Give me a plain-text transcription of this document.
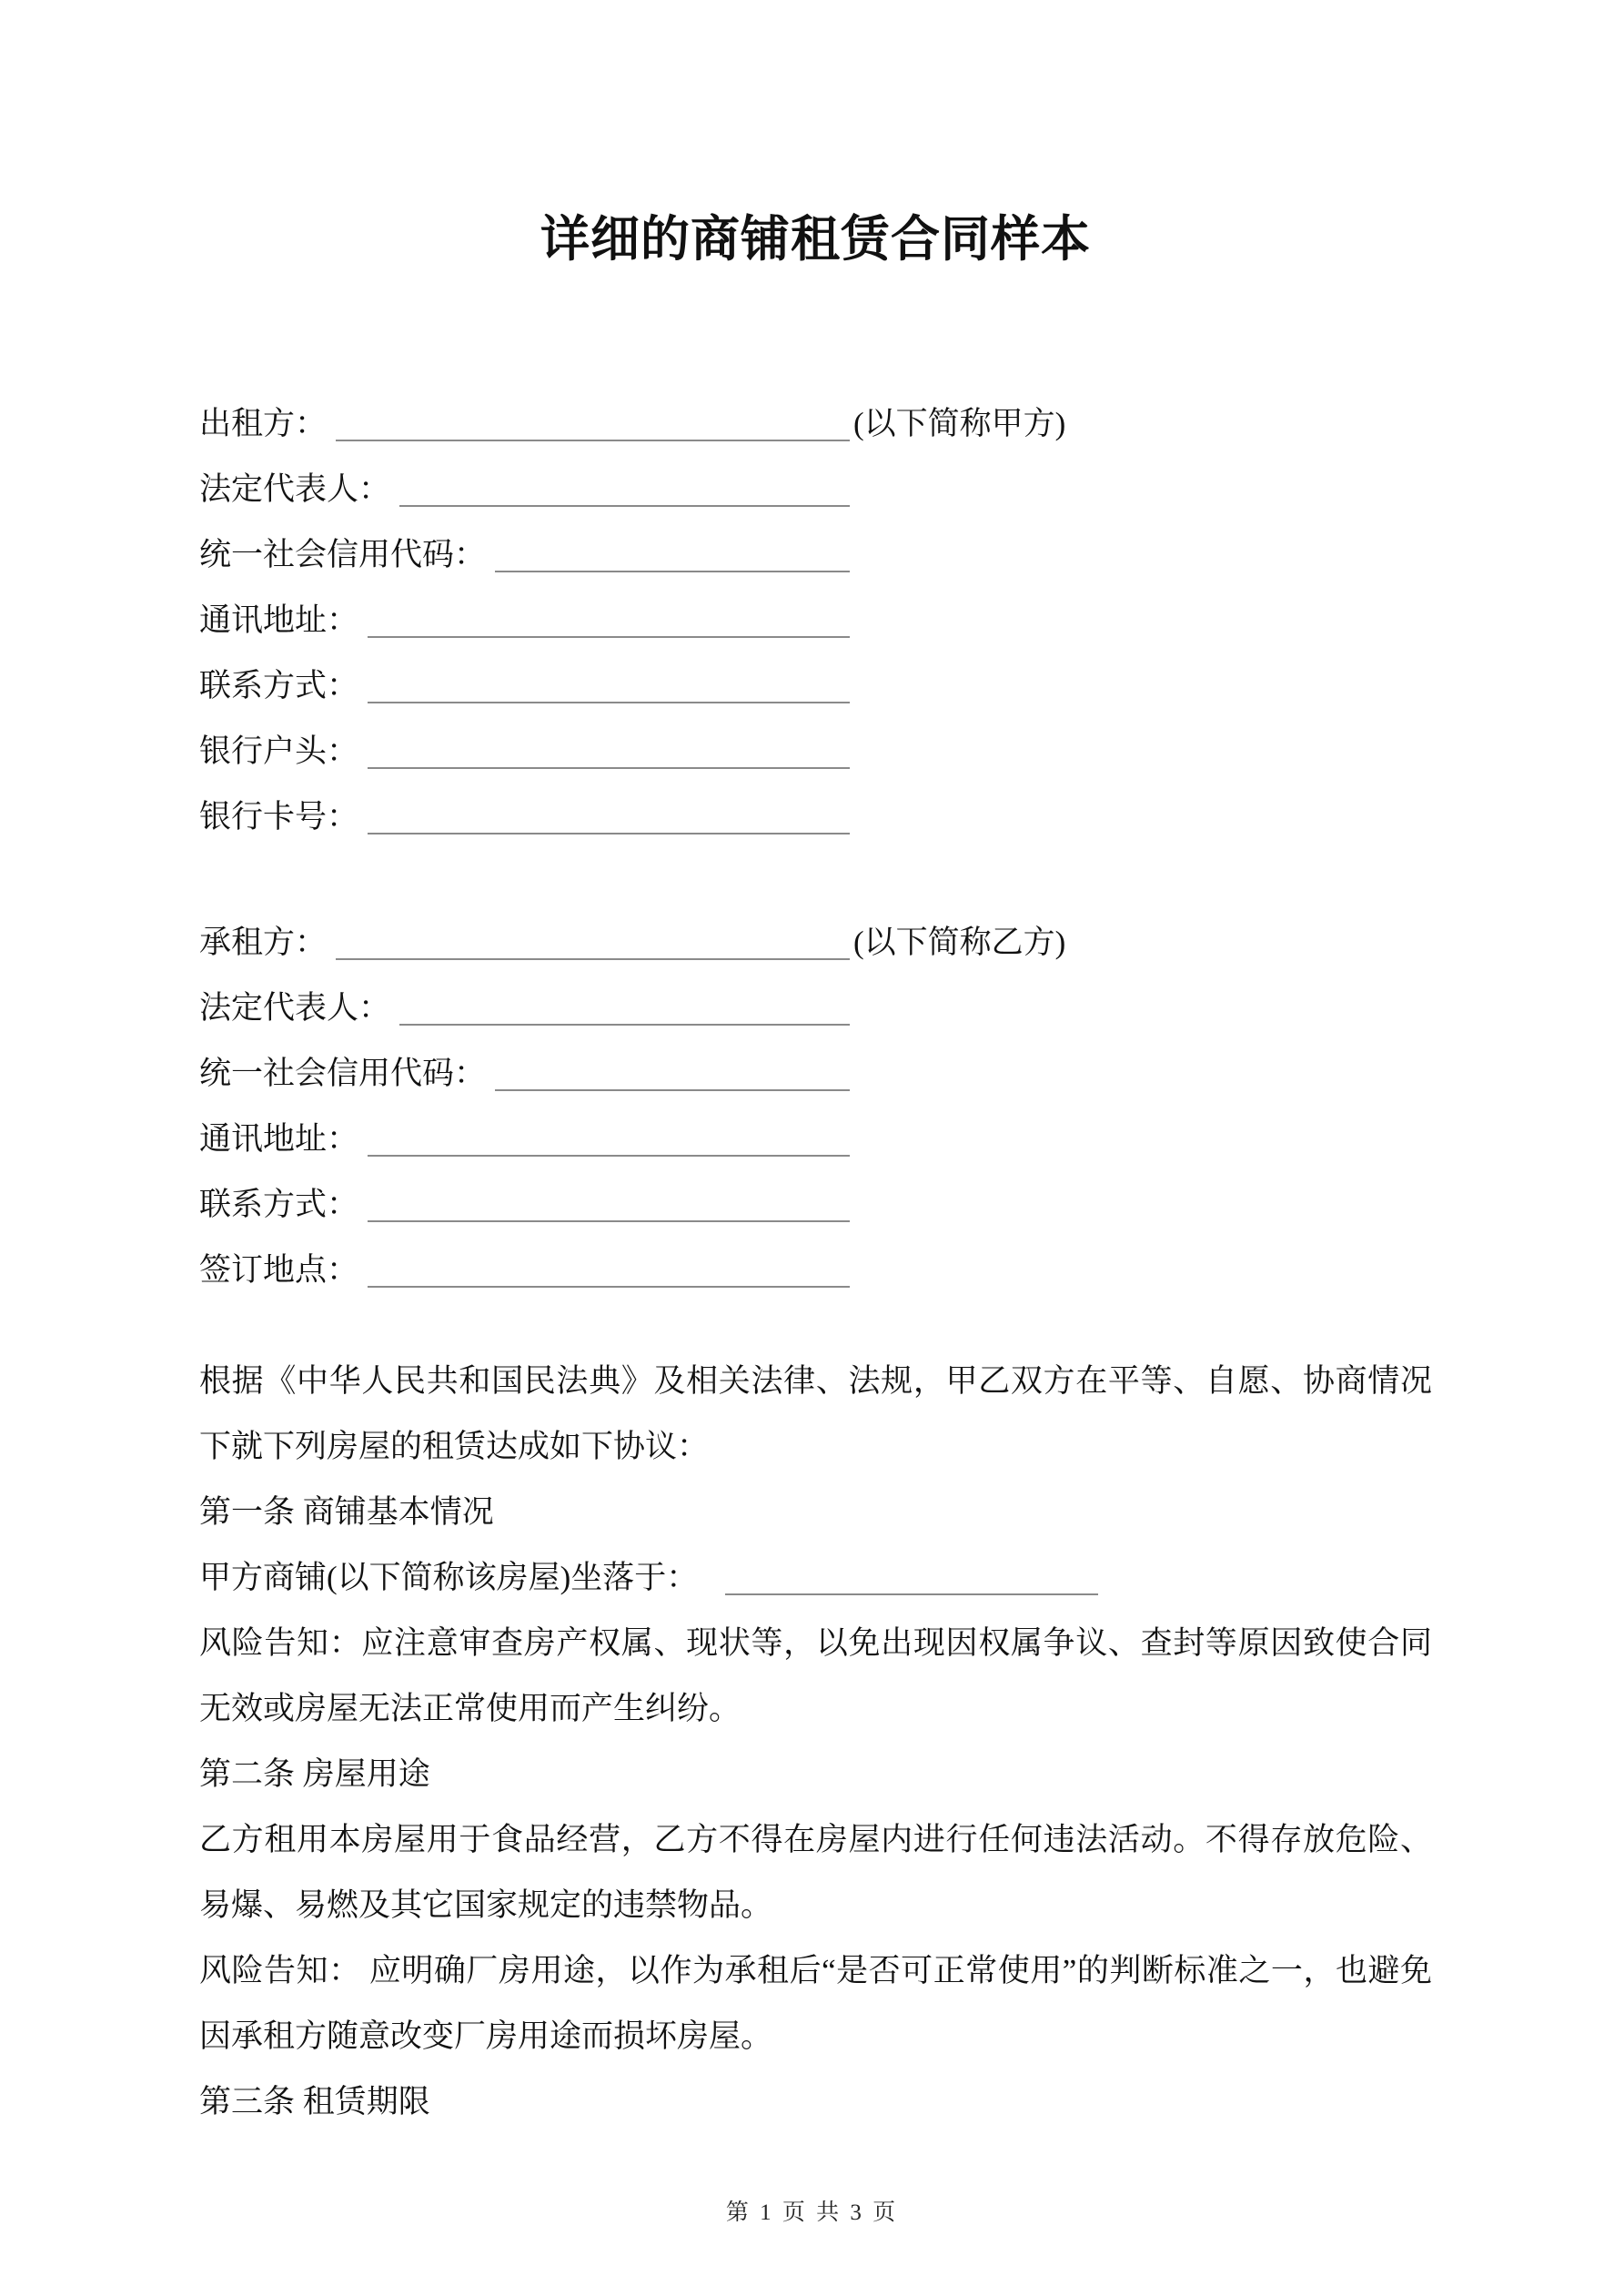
详细的商铺租赁合同样本
出租方：	(以下简称甲方)
法定代表人：
统一社会信用代码：
通讯地址：
联系方式：
银行户头：
银行卡号：
承租方：	(以下简称乙方)
法定代表人：
统一社会信用代码：
通讯地址：
联系方式：
签订地点：

根据《中华人民共和国民法典》及相关法律、法规，甲乙双方在平等、自愿、协商情况下就下列房屋的租赁达成如下协议：

第一条 商铺基本情况

甲方商铺(以下简称该房屋)坐落于：

风险告知：应注意审查房产权属、现状等，以免出现因权属争议、查封等原因致使合同无效或房屋无法正常使用而产生纠纷。

第二条 房屋用途

乙方租用本房屋用于食品经营，乙方不得在房屋内进行任何违法活动。不得存放危险、易爆、易燃及其它国家规定的违禁物品。

风险告知： 应明确厂房用途，以作为承租后“是否可正常使用”的判断标准之一，也避免因承租方随意改变厂房用途而损坏房屋。

第三条 租赁期限

第 1 页 共 3 页
